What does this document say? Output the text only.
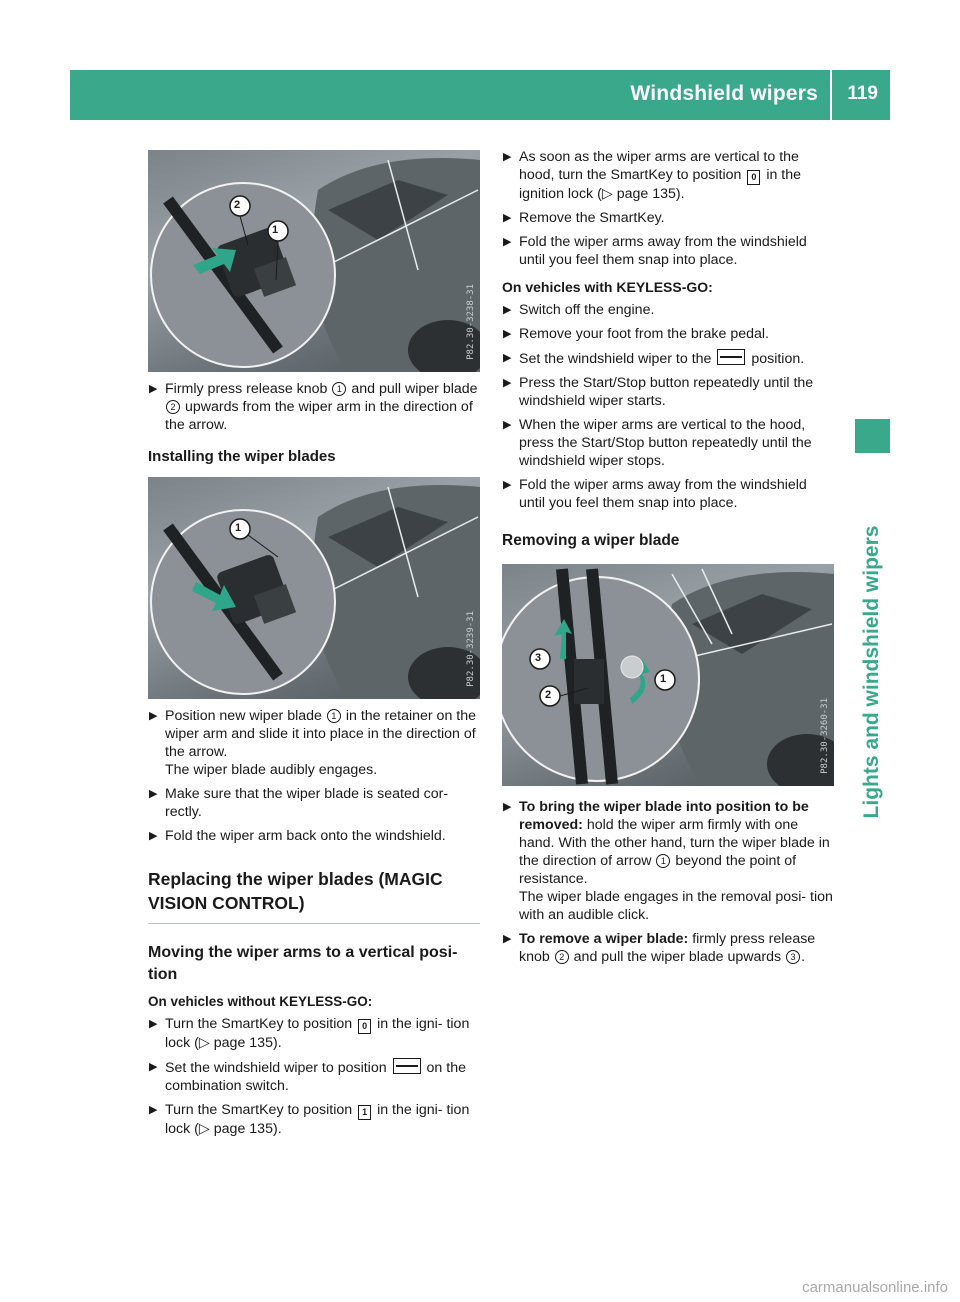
Windshield wipers 119
Lights and windshield wipers
2
1
P82.30-3238-31
▶ Firmly press release knob 1 and pull wiper blade 2 upwards from the wiper arm in the direction of the arrow.
Installing the wiper blades
1
P82.30-3239-31
▶ Position new wiper blade 1 in the retainer on the wiper arm and slide it into place in the direction of the arrow.
The wiper blade audibly engages.
▶ Make sure that the wiper blade is seated cor- rectly.
▶ Fold the wiper arm back onto the windshield.
Replacing the wiper blades (MAGIC VISION CONTROL)
Moving the wiper arms to a vertical posi- tion
On vehicles without KEYLESS-GO:
▶ Turn the SmartKey to position 0 in the igni- tion lock (▷ page 135).
▶ Set the windshield wiper to position	on the combination switch.
▶ Turn the SmartKey to position 1 in the igni- tion lock (▷ page 135).
▶ As soon as the wiper arms are vertical to the hood, turn the SmartKey to position 0 in the ignition lock (▷ page 135).
▶ Remove the SmartKey.
▶ Fold the wiper arms away from the windshield until you feel them snap into place.
On vehicles with KEYLESS-GO:
▶ Switch off the engine.
▶ Remove your foot from the brake pedal.
▶ Set the windshield wiper to the	position.
▶ Press the Start/Stop button repeatedly until the windshield wiper starts.
▶ When the wiper arms are vertical to the hood, press the Start/Stop button repeatedly until the windshield wiper stops.
▶ Fold the wiper arms away from the windshield until you feel them snap into place.
Removing a wiper blade
3
2
1
P82.30-3260-31
▶ To bring the wiper blade into position to be removed: hold the wiper arm firmly with one hand. With the other hand, turn the wiper blade in the direction of arrow 1 beyond the point of resistance.
The wiper blade engages in the removal posi- tion with an audible click.
▶ To remove a wiper blade: firmly press release knob 2 and pull the wiper blade upwards 3 .
carmanualsonline.info
